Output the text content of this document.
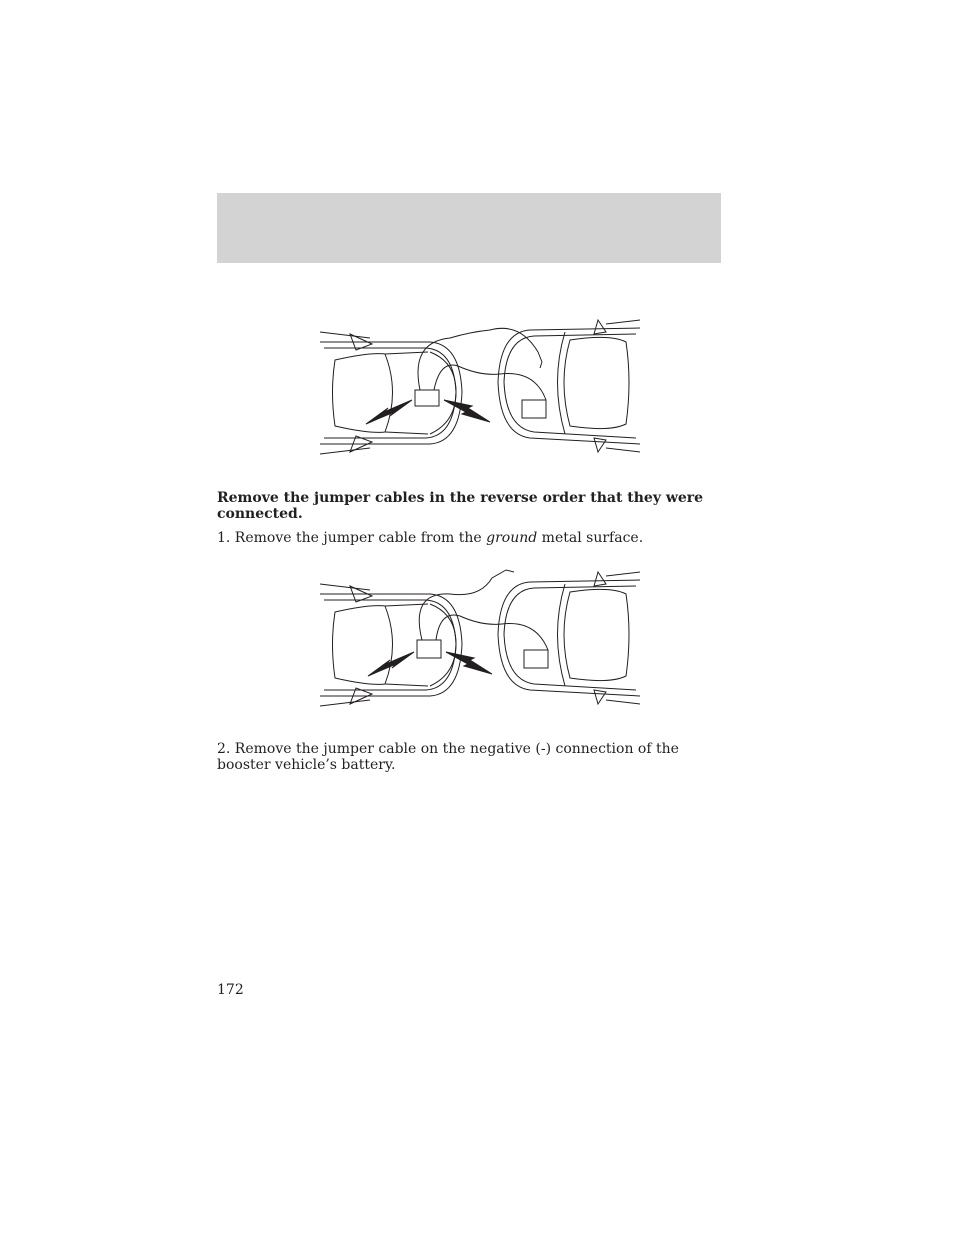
Remove the jumper cables in the reverse order that they were connected.
1. Remove the jumper cable from the ground metal surface.
2. Remove the jumper cable on the negative (-) connection of the booster vehicle’s battery.
172
